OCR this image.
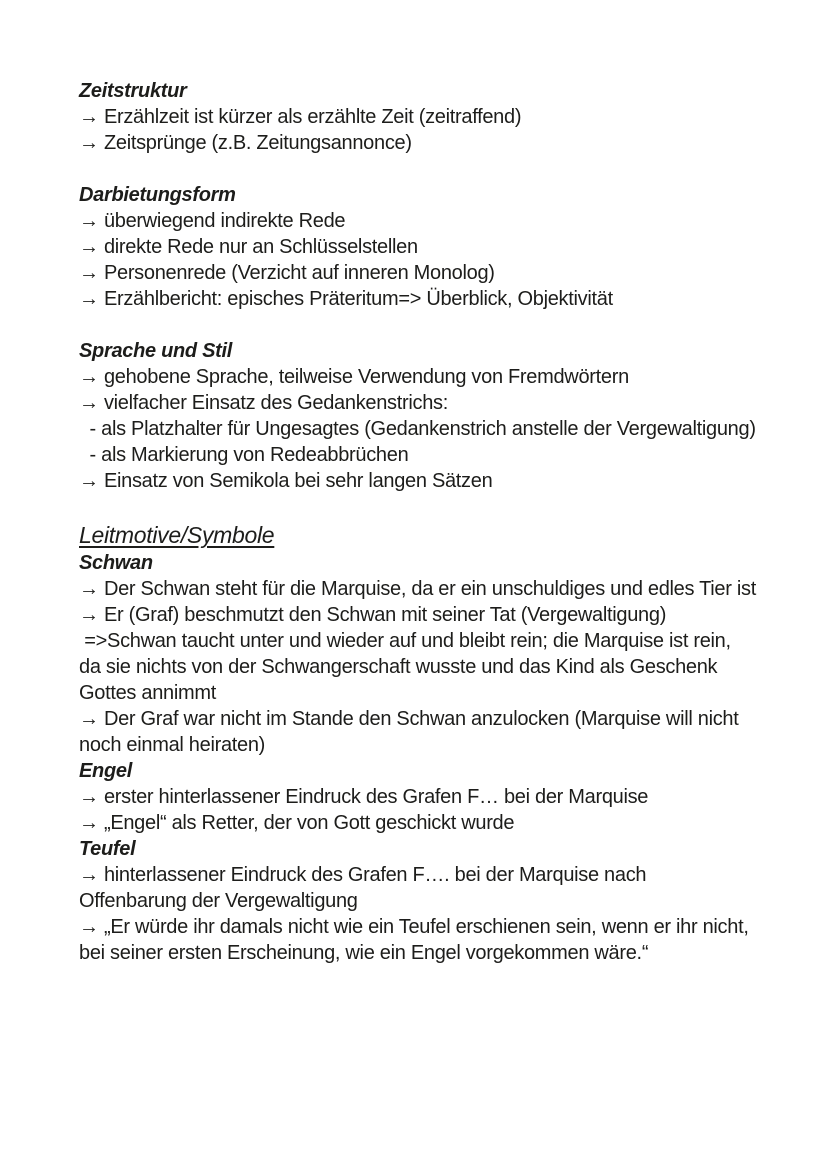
Zeitstruktur

→ Erzählzeit ist kürzer als erzählte Zeit (zeitraffend)

→ Zeitsprünge (z.B. Zeitungsannonce)

Darbietungsform

→ überwiegend indirekte Rede

→ direkte Rede nur an Schlüsselstellen

→ Personenrede (Verzicht auf inneren Monolog)

→ Erzählbericht: episches Präteritum=> Überblick, Objektivität

Sprache und Stil

→ gehobene Sprache, teilweise Verwendung von Fremdwörtern

→ vielfacher Einsatz des Gedankenstrichs:

- als Platzhalter für Ungesagtes (Gedankenstrich anstelle der Vergewaltigung)

- als Markierung von Redeabbrüchen

→ Einsatz von Semikola bei sehr langen Sätzen

Leitmotive/Symbole
Schwan

→ Der Schwan steht für die Marquise, da er ein unschuldiges und edles Tier ist

→ Er (Graf) beschmutzt den Schwan mit seiner Tat (Vergewaltigung)

=>Schwan taucht unter und wieder auf und bleibt rein; die Marquise ist rein, da sie nichts von der Schwangerschaft wusste und das Kind als Geschenk Gottes annimmt

→ Der Graf war nicht im Stande den Schwan anzulocken (Marquise will nicht noch einmal heiraten)

Engel

→ erster hinterlassener Eindruck des Grafen F… bei der Marquise

→ „Engel“ als Retter, der von Gott geschickt wurde

Teufel

→ hinterlassener Eindruck des Grafen F…. bei der Marquise nach Offenbarung der Vergewaltigung

→ „Er würde ihr damals nicht wie ein Teufel erschienen sein, wenn er ihr nicht, bei seiner ersten Erscheinung, wie ein Engel vorgekommen wäre.“
